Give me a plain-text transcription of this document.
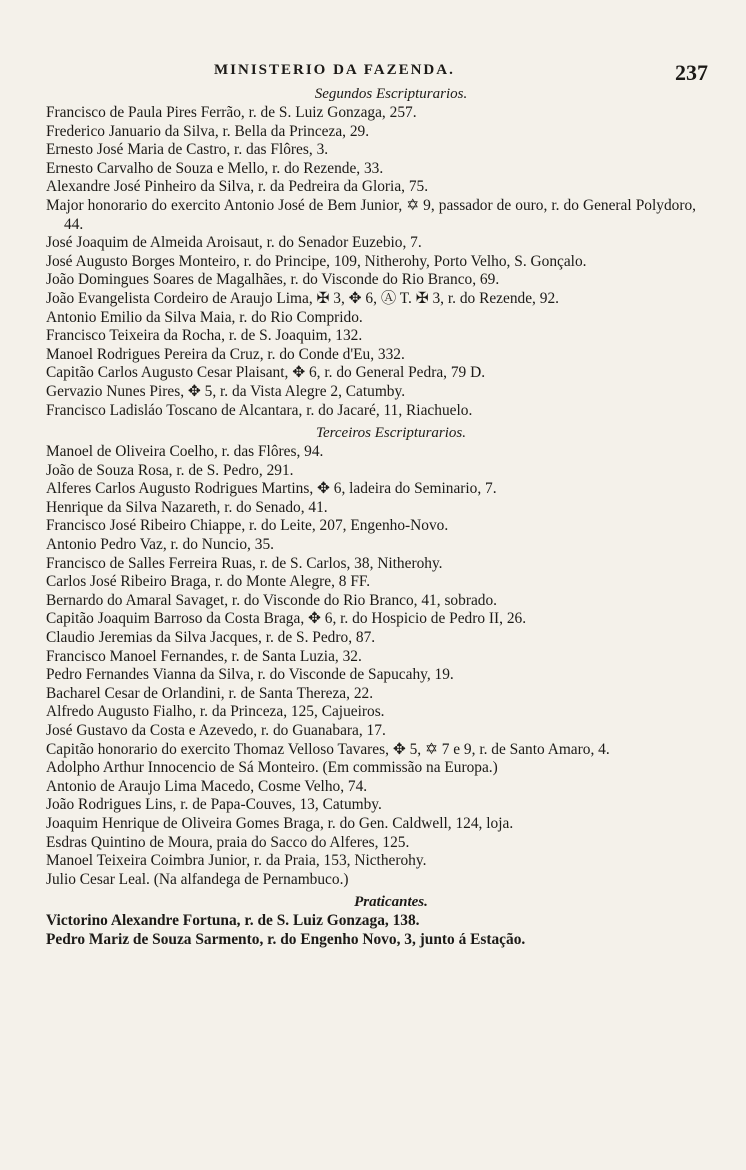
MINISTERIO DA FAZENDA.	237

Segundos Escripturarios.

Francisco de Paula Pires Ferrão, r. de S. Luiz Gonzaga, 257.

Frederico Januario da Silva, r. Bella da Princeza, 29.

Ernesto José Maria de Castro, r. das Flôres, 3.

Ernesto Carvalho de Souza e Mello, r. do Rezende, 33.

Alexandre José Pinheiro da Silva, r. da Pedreira da Gloria, 75.

Major honorario do exercito Antonio José de Bem Junior, ✡ 9, passador de ouro, r. do General Polydoro, 44.

José Joaquim de Almeida Aroisaut, r. do Senador Euzebio, 7.

José Augusto Borges Monteiro, r. do Principe, 109, Nitherohy, Porto Velho, S. Gonçalo.

João Domingues Soares de Magalhães, r. do Visconde do Rio Branco, 69.

João Evangelista Cordeiro de Araujo Lima, ✠ 3, ✥ 6, Ⓐ T. ✠ 3, r. do Rezende, 92.

Antonio Emilio da Silva Maia, r. do Rio Comprido.

Francisco Teixeira da Rocha, r. de S. Joaquim, 132.

Manoel Rodrigues Pereira da Cruz, r. do Conde d'Eu, 332.

Capitão Carlos Augusto Cesar Plaisant, ✥ 6, r. do General Pedra, 79 D.

Gervazio Nunes Pires, ✥ 5, r. da Vista Alegre 2, Catumby.

Francisco Ladisláo Toscano de Alcantara, r. do Jacaré, 11, Riachuelo.

Terceiros Escripturarios.

Manoel de Oliveira Coelho, r. das Flôres, 94.

João de Souza Rosa, r. de S. Pedro, 291.

Alferes Carlos Augusto Rodrigues Martins, ✥ 6, ladeira do Seminario, 7.

Henrique da Silva Nazareth, r. do Senado, 41.

Francisco José Ribeiro Chiappe, r. do Leite, 207, Engenho-Novo.

Antonio Pedro Vaz, r. do Nuncio, 35.

Francisco de Salles Ferreira Ruas, r. de S. Carlos, 38, Nitherohy.

Carlos José Ribeiro Braga, r. do Monte Alegre, 8 FF.

Bernardo do Amaral Savaget, r. do Visconde do Rio Branco, 41, sobrado.

Capitão Joaquim Barroso da Costa Braga, ✥ 6, r. do Hospicio de Pedro II, 26.

Claudio Jeremias da Silva Jacques, r. de S. Pedro, 87.

Francisco Manoel Fernandes, r. de Santa Luzia, 32.

Pedro Fernandes Vianna da Silva, r. do Visconde de Sapucahy, 19.

Bacharel Cesar de Orlandini, r. de Santa Thereza, 22.

Alfredo Augusto Fialho, r. da Princeza, 125, Cajueiros.

José Gustavo da Costa e Azevedo, r. do Guanabara, 17.

Capitão honorario do exercito Thomaz Velloso Tavares, ✥ 5, ✡ 7 e 9, r. de Santo Amaro, 4.

Adolpho Arthur Innocencio de Sá Monteiro. (Em commissão na Europa.)

Antonio de Araujo Lima Macedo, Cosme Velho, 74.

João Rodrigues Lins, r. de Papa-Couves, 13, Catumby.

Joaquim Henrique de Oliveira Gomes Braga, r. do Gen. Caldwell, 124, loja.

Esdras Quintino de Moura, praia do Sacco do Alferes, 125.

Manoel Teixeira Coimbra Junior, r. da Praia, 153, Nictherohy.

Julio Cesar Leal. (Na alfandega de Pernambuco.)

Praticantes.

Victorino Alexandre Fortuna, r. de S. Luiz Gonzaga, 138.

Pedro Mariz de Souza Sarmento, r. do Engenho Novo, 3, junto á Estação.
